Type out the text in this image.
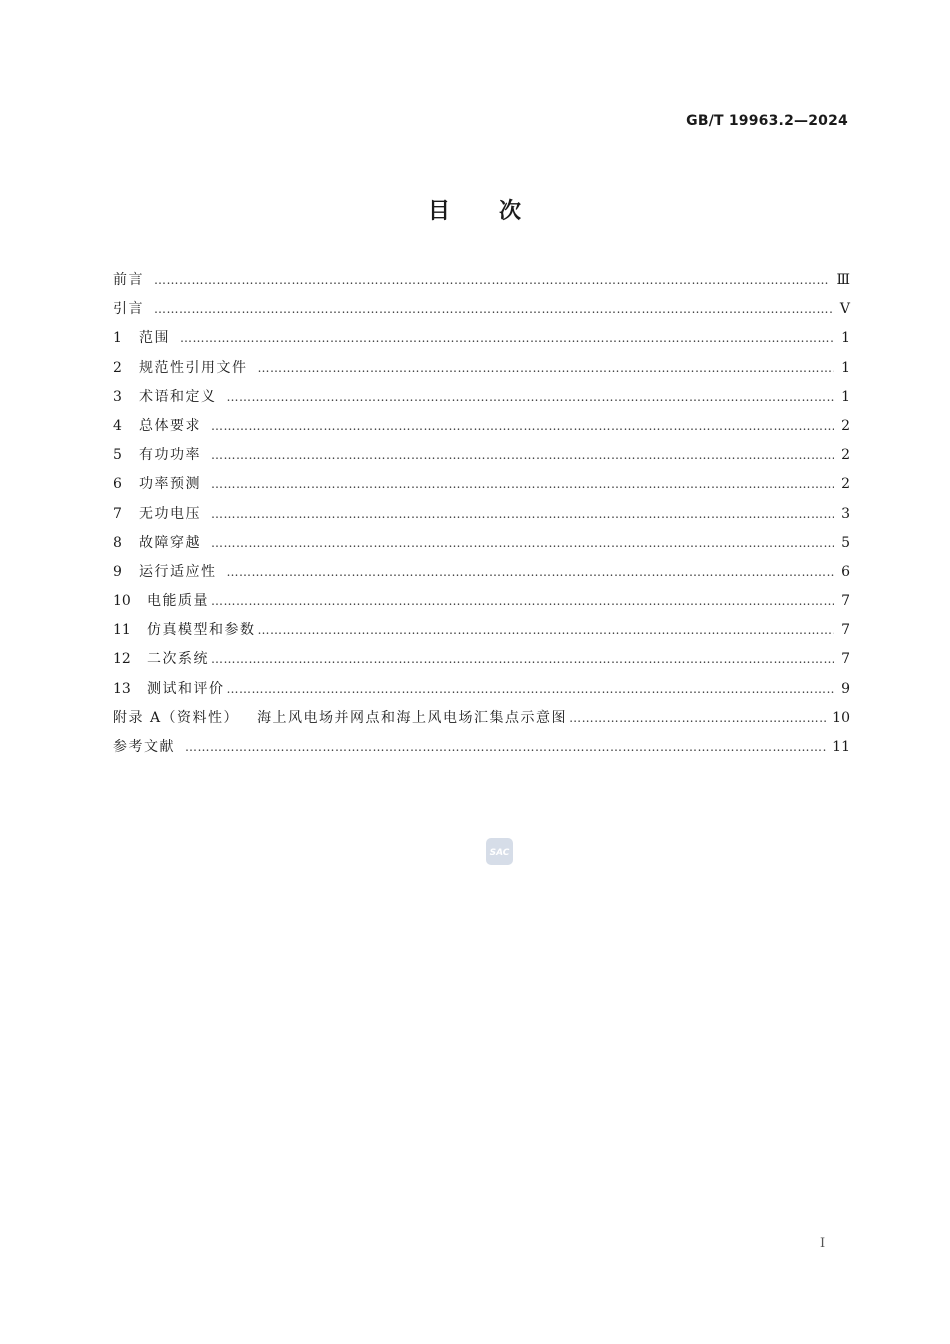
GB/T 19963.2—2024
目 次
前言 ……………………………………………………………………………………………………………………………………………………………………………………………………	Ⅲ
引言 ……………………………………………………………………………………………………………………………………………………………………………………………………	Ⅴ
1	范围 ……………………………………………………………………………………………………………………………………………………………………………………………………	1
2	规范性引用文件 ……………………………………………………………………………………………………………………………………………………………………………………………………	1
3	术语和定义 ……………………………………………………………………………………………………………………………………………………………………………………………………	1
4	总体要求 ……………………………………………………………………………………………………………………………………………………………………………………………………	2
5	有功功率 ……………………………………………………………………………………………………………………………………………………………………………………………………	2
6	功率预测 ……………………………………………………………………………………………………………………………………………………………………………………………………	2
7	无功电压 ……………………………………………………………………………………………………………………………………………………………………………………………………	3
8	故障穿越 ……………………………………………………………………………………………………………………………………………………………………………………………………	5
9	运行适应性 ……………………………………………………………………………………………………………………………………………………………………………………………………	6
10	电能质量 ……………………………………………………………………………………………………………………………………………………………………………………………………	7
11	仿真模型和参数 ……………………………………………………………………………………………………………………………………………………………………………………………………	7
12	二次系统 ……………………………………………………………………………………………………………………………………………………………………………………………………	7
13	测试和评价 ……………………………………………………………………………………………………………………………………………………………………………………………………	9
附录 A（资料性） 海上风电场并网点和海上风电场汇集点示意图 ……………………………………………………………………………………………………………………………………………………………………………………………………	10
参考文献 ……………………………………………………………………………………………………………………………………………………………………………………………………	11
SAC
I
